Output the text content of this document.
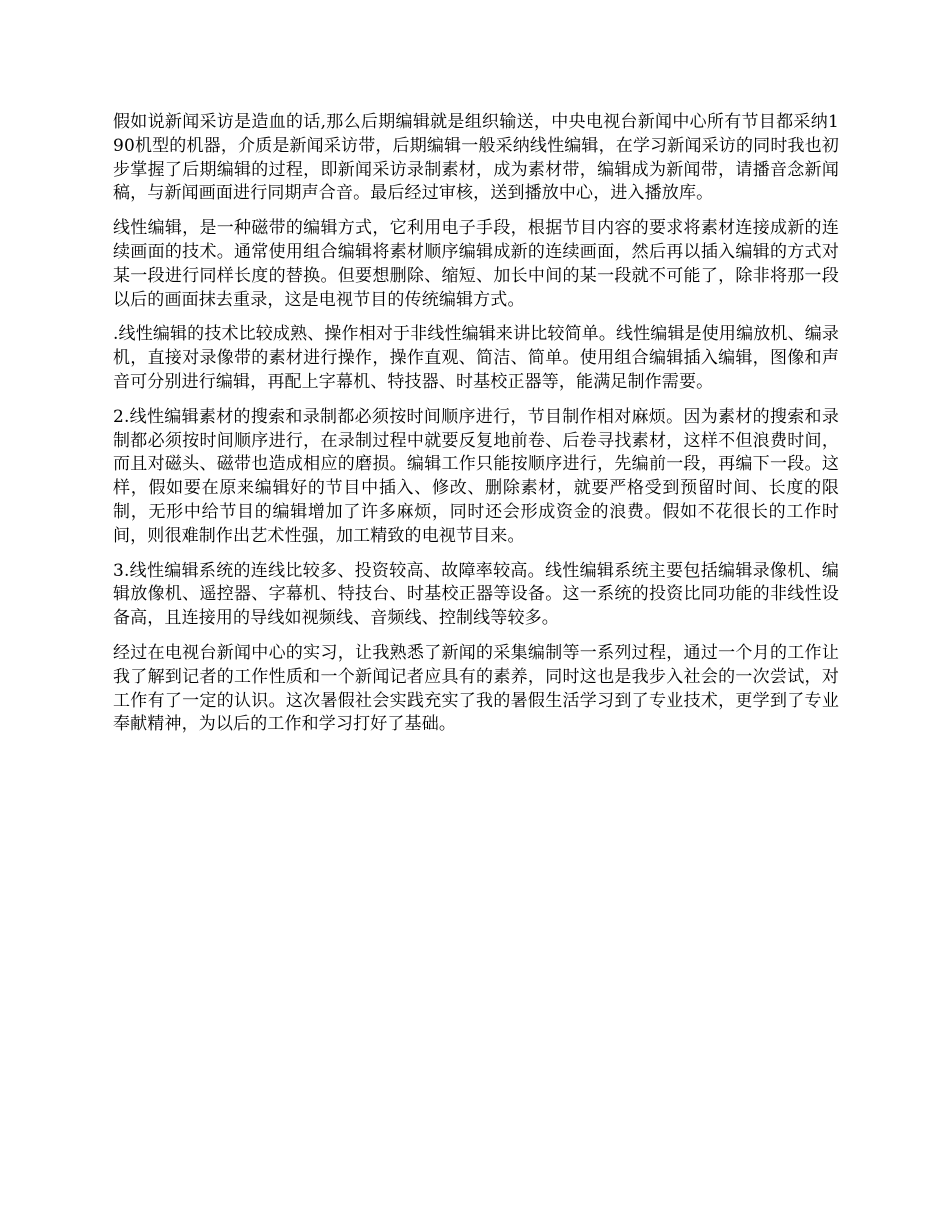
假如说新闻采访是造血的话,那么后期编辑就是组织输送，中央电视台新闻中心所有节目都采纳190机型的机器，介质是新闻采访带，后期编辑一般采纳线性编辑，在学习新闻采访的同时我也初步掌握了后期编辑的过程，即新闻采访录制素材，成为素材带，编辑成为新闻带，请播音念新闻稿，与新闻画面进行同期声合音。最后经过审核，送到播放中心，进入播放库。

线性编辑，是一种磁带的编辑方式，它利用电子手段，根据节目内容的要求将素材连接成新的连续画面的技术。通常使用组合编辑将素材顺序编辑成新的连续画面，然后再以插入编辑的方式对某一段进行同样长度的替换。但要想删除、缩短、加长中间的某一段就不可能了，除非将那一段以后的画面抹去重录，这是电视节目的传统编辑方式。

.线性编辑的技术比较成熟、操作相对于非线性编辑来讲比较简单。线性编辑是使用编放机、编录机，直接对录像带的素材进行操作，操作直观、简洁、简单。使用组合编辑插入编辑，图像和声音可分别进行编辑，再配上字幕机、特技器、时基校正器等，能满足制作需要。

2.线性编辑素材的搜索和录制都必须按时间顺序进行，节目制作相对麻烦。因为素材的搜索和录制都必须按时间顺序进行，在录制过程中就要反复地前卷、后卷寻找素材，这样不但浪费时间，而且对磁头、磁带也造成相应的磨损。编辑工作只能按顺序进行，先编前一段，再编下一段。这样，假如要在原来编辑好的节目中插入、修改、删除素材，就要严格受到预留时间、长度的限制，无形中给节目的编辑增加了许多麻烦，同时还会形成资金的浪费。假如不花很长的工作时间，则很难制作出艺术性强，加工精致的电视节目来。

3.线性编辑系统的连线比较多、投资较高、故障率较高。线性编辑系统主要包括编辑录像机、编辑放像机、遥控器、字幕机、特技台、时基校正器等设备。这一系统的投资比同功能的非线性设备高，且连接用的导线如视频线、音频线、控制线等较多。

经过在电视台新闻中心的实习，让我熟悉了新闻的采集编制等一系列过程，通过一个月的工作让我了解到记者的工作性质和一个新闻记者应具有的素养，同时这也是我步入社会的一次尝试，对工作有了一定的认识。这次暑假社会实践充实了我的暑假生活学习到了专业技术，更学到了专业奉献精神，为以后的工作和学习打好了基础。
